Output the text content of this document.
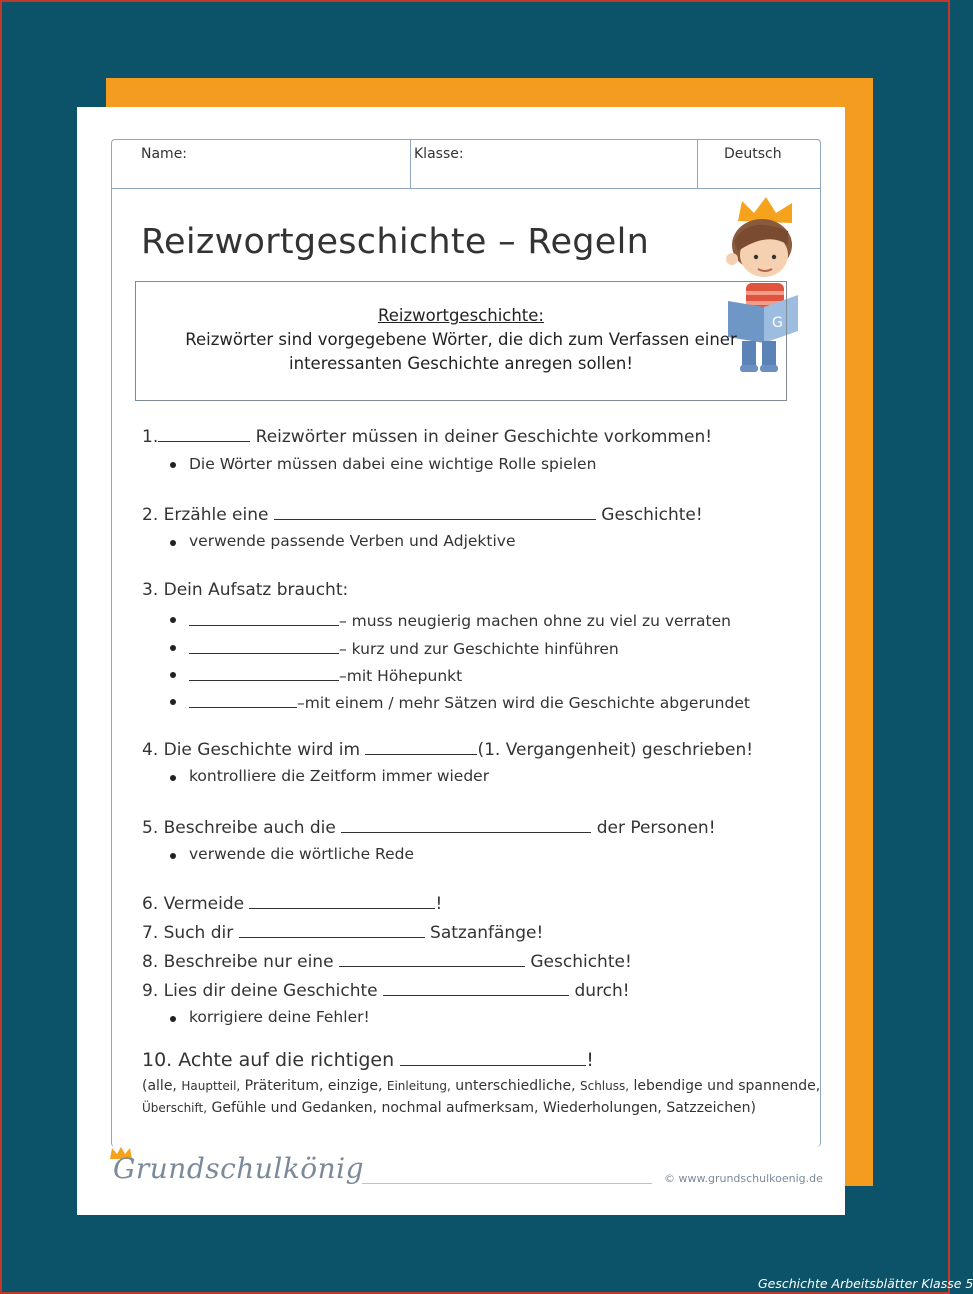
Name:	Klasse:	Deutsch
Reizwortgeschichte – Regeln
G
Reizwortgeschichte:
Reizwörter sind vorgegebene Wörter, die dich zum Verfassen einer
interessanten Geschichte anregen sollen!
1.	Reizwörter müssen in deiner Geschichte vorkommen!
Die Wörter müssen dabei eine wichtige Rolle spielen
2. Erzähle eine	Geschichte!
verwende passende Verben und Adjektive
3. Dein Aufsatz braucht:
– muss neugierig machen ohne zu viel zu verraten
– kurz und zur Geschichte hinführen
–mit Höhepunkt
–mit einem / mehr Sätzen wird die Geschichte abgerundet
4. Die Geschichte wird im	(1. Vergangenheit) geschrieben!
kontrolliere die Zeitform immer wieder
5. Beschreibe auch die	der Personen!
verwende die wörtliche Rede
6. Vermeide	!
7. Such dir	Satzanfänge!
8. Beschreibe nur eine	Geschichte!
9. Lies dir deine Geschichte	durch!
korrigiere deine Fehler!
10. Achte auf die richtigen	!
(alle, Hauptteil, Präteritum, einzige, Einleitung, unterschiedliche, Schluss, lebendige und spannende,
Überschift, Gefühle und Gedanken, nochmal aufmerksam, Wiederholungen, Satzzeichen)
Grundschulkönig	© www.grundschulkoenig.de
Geschichte Arbeitsblätter Klasse 5
